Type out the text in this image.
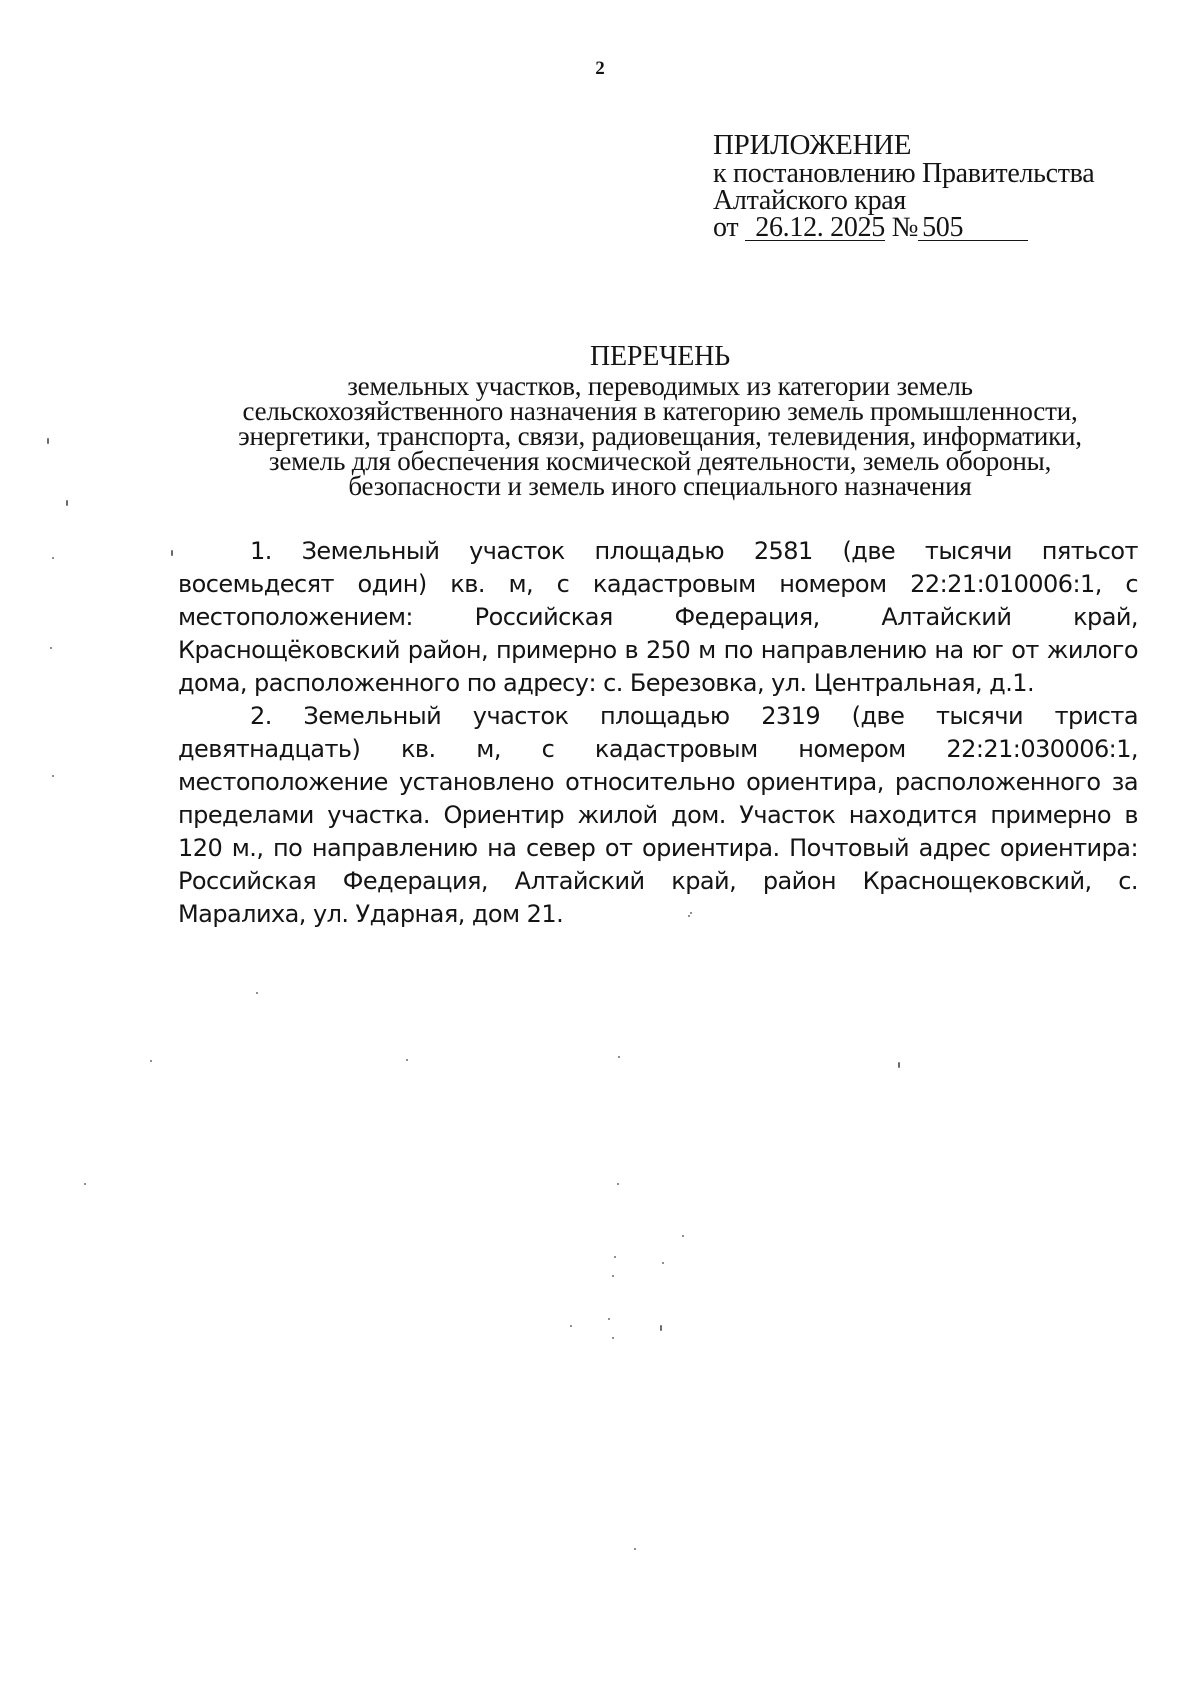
2
ПРИЛОЖЕНИЕ
к постановлению Правительства
Алтайского края
от 26.12. 2025 № 505
ПЕРЕЧЕНЬ
земельных участков, переводимых из категории земель
сельскохозяйственного назначения в категорию земель промышленности,
энергетики, транспорта, связи, радиовещания, телевидения, информатики,
земель для обеспечения космической деятельности, земель обороны,
безопасности и земель иного специального назначения

1. Земельный участок площадью 2581 (две тысячи пятьсот восемьдесят один) кв. м, с кадастровым номером 22:21:010006:1, с местоположением: Российская Федерация, Алтайский край, Краснощёковский район, примерно в 250 м по направлению на юг от жилого дома, расположенного по адресу: с. Березовка, ул. Центральная, д.1.

2. Земельный участок площадью 2319 (две тысячи триста девятнадцать) кв. м, с кадастровым номером 22:21:030006:1, местоположение установлено относительно ориентира, расположенного за пределами участка. Ориентир жилой дом. Участок находится примерно в 120 м., по направлению на север от ориентира. Почтовый адрес ориентира: Российская Федерация, Алтайский край, район Краснощековский, с. Маралиха, ул. Ударная, дом 21.
